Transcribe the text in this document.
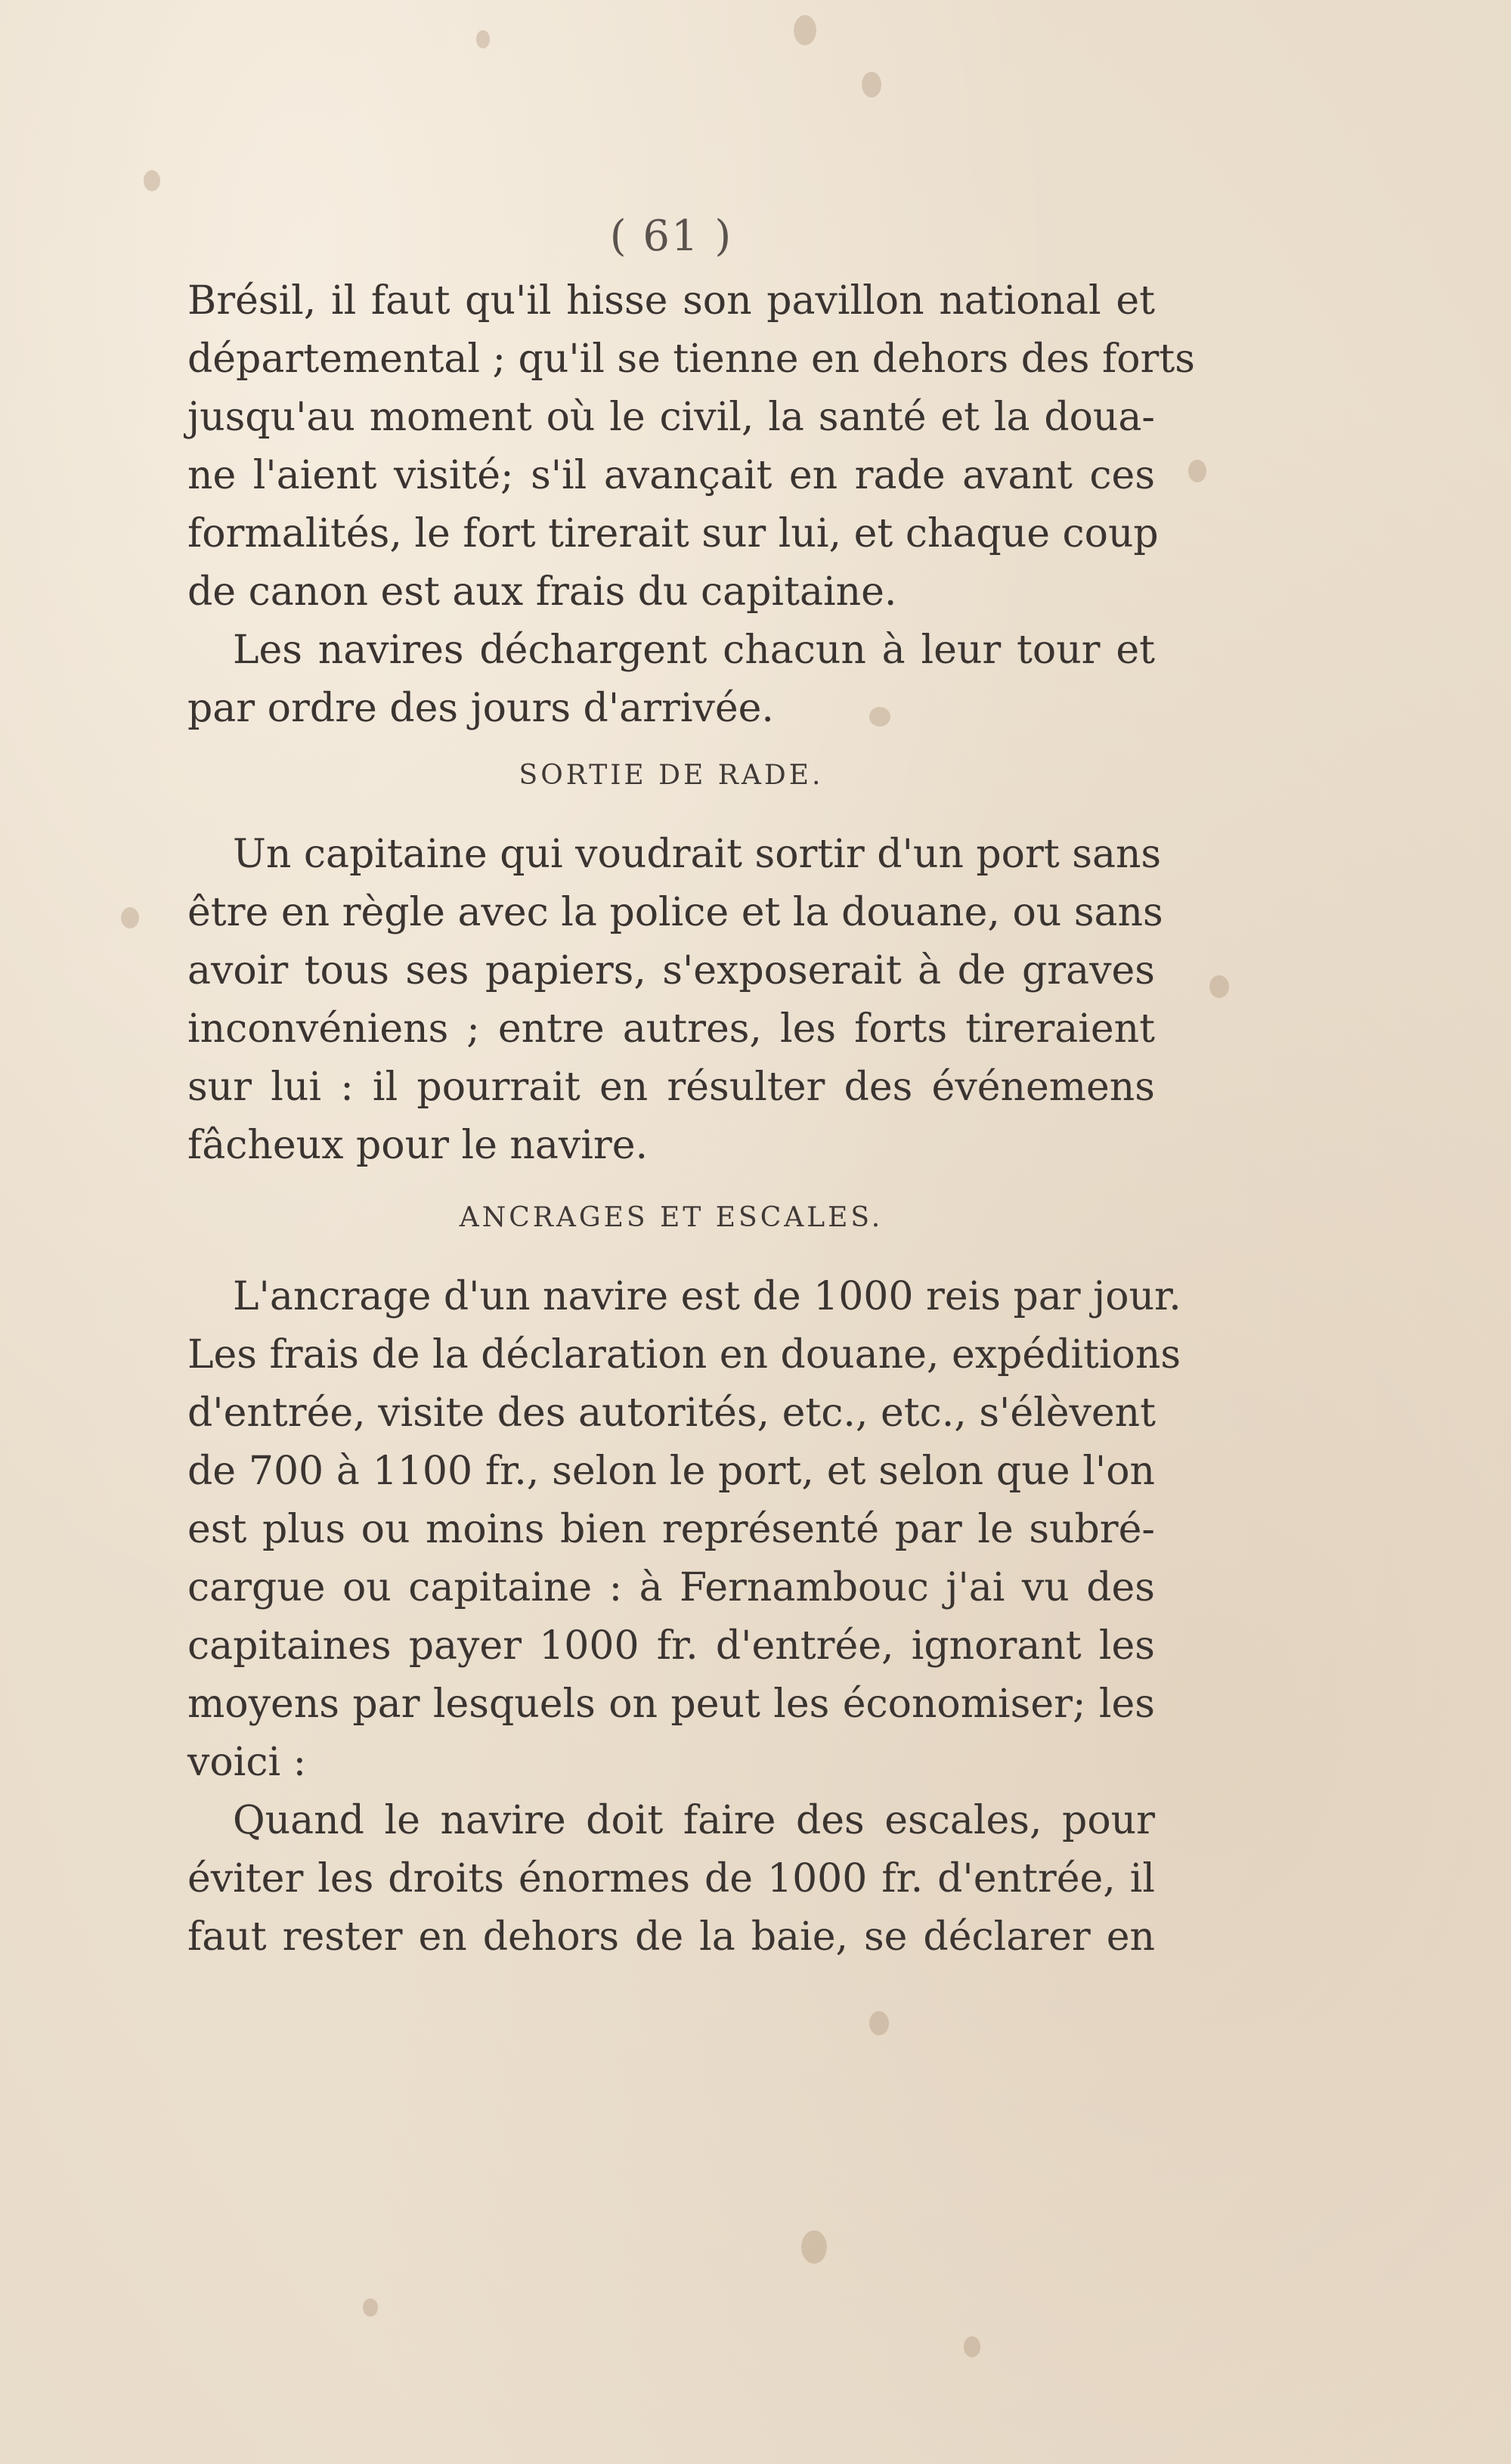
( 61 )
Brésil, il faut qu'il hisse son pavillon national et
départemental ; qu'il se tienne en dehors des forts
jusqu'au moment où le civil, la santé et la doua-
ne l'aient visité; s'il avançait en rade avant ces
formalités, le fort tirerait sur lui, et chaque coup
de canon est aux frais du capitaine.
Les navires déchargent chacun à leur tour et
par ordre des jours d'arrivée.
SORTIE DE RADE.
Un capitaine qui voudrait sortir d'un port sans
être en règle avec la police et la douane, ou sans
avoir tous ses papiers, s'exposerait à de graves
inconvéniens ; entre autres, les forts tireraient
sur lui : il pourrait en résulter des événemens
fâcheux pour le navire.
ANCRAGES ET ESCALES.
L'ancrage d'un navire est de 1000 reis par jour.
Les frais de la déclaration en douane, expéditions
d'entrée, visite des autorités, etc., etc., s'élèvent
de 700 à 1100 fr., selon le port, et selon que l'on
est plus ou moins bien représenté par le subré-
cargue ou capitaine : à Fernambouc j'ai vu des
capitaines payer 1000 fr. d'entrée, ignorant les
moyens par lesquels on peut les économiser; les
voici :
Quand le navire doit faire des escales, pour
éviter les droits énormes de 1000 fr. d'entrée, il
faut rester en dehors de la baie, se déclarer en
